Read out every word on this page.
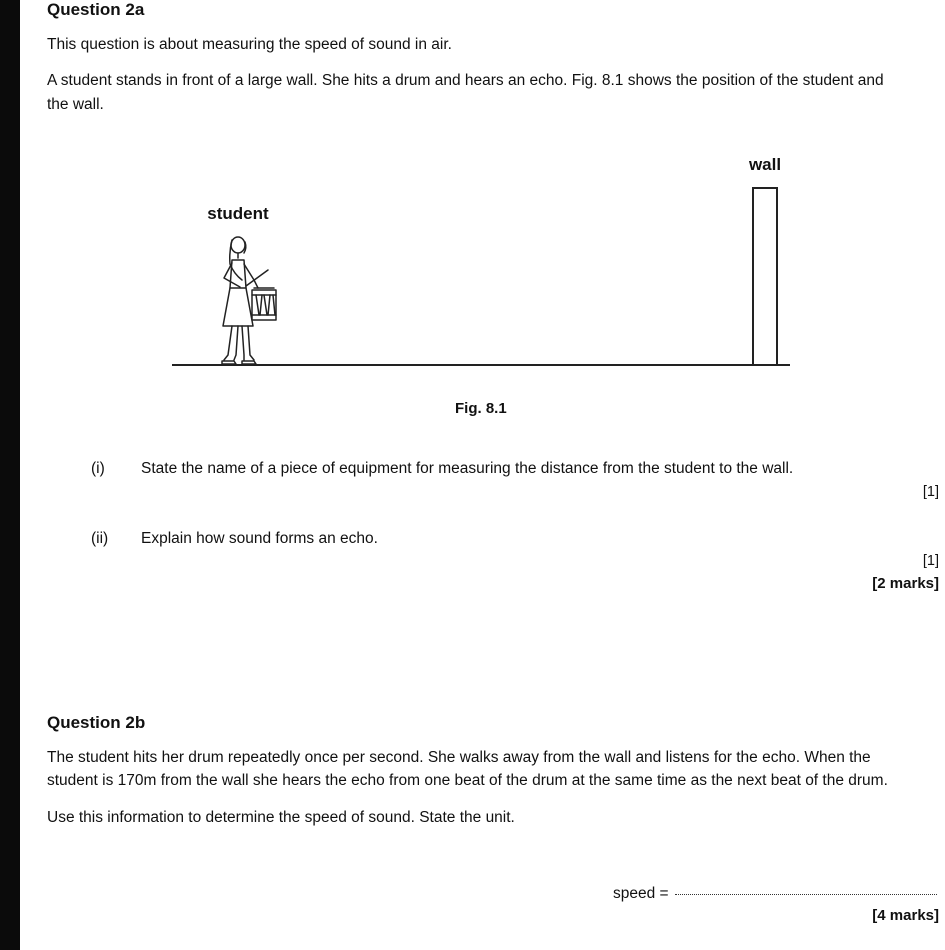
Question 2a

This question is about measuring the speed of sound in air.

A student stands in front of a large wall. She hits a drum and hears an echo. Fig. 8.1 shows the position of the student and

the wall.

wall
student

Fig. 8.1

(i) State the name of a piece of equipment for measuring the distance from the student to the wall.

[1]

(ii) Explain how sound forms an echo.

[1]

[2 marks]

Question 2b

The student hits her drum repeatedly once per second. She walks away from the wall and listens for the echo. When the

student is 170m from the wall she hears the echo from one beat of the drum at the same time as the next beat of the drum.

Use this information to determine the speed of sound. State the unit.

speed =

[4 marks]
